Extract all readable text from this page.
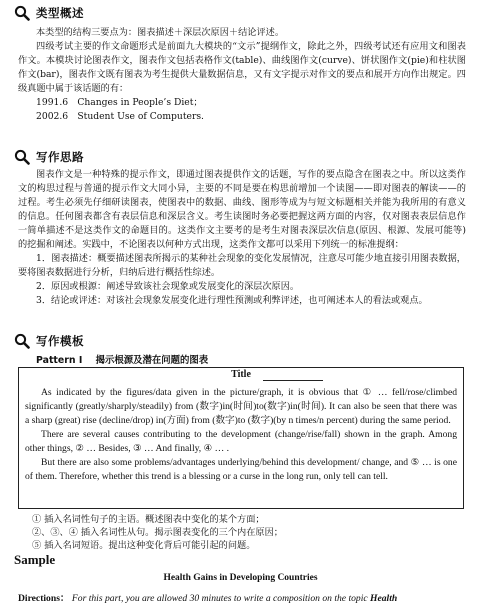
类型概述

本类型的结构三要点为：图表描述＋深层次原因＋结论评述。

四级考试主要的作文命题形式是前面九大模块的“文示”提纲作文，除此之外，四级考试还有应用文和图表作文。本模块讨论图表作文，图表作文包括表格作文(table)、曲线图作文(curve)、饼状图作文(pie)和柱状图作文(bar)，图表作文既有图表为考生提供大量数据信息，又有文字提示对作文的要点和展开方向作出规定。四级真题中属于该话题的有：

1991.6　Changes in People’s Diet；

2002.6　Student Use of Computers.

写作思路

图表作文是一种特殊的提示作文，即通过图表提供作文的话题，写作的要点隐含在图表之中。所以这类作文的构思过程与普通的提示作文大同小异，主要的不同是要在构思前增加一个读图——即对图表的解读——的过程。考生必须先仔细研读图表，使图表中的数据、曲线、图形等成为与短文标题相关并能为我所用的有意义的信息。任何图表都含有表层信息和深层含义。考生读图时务必要把握这两方面的内容，仅对图表表层信息作一简单描述不是这类作文的命题目的。这类作文主要考的是考生对图表深层次信息(原因、根源、发展可能等)的挖掘和阐述。实践中，不论图表以何种方式出现，这类作文都可以采用下列统一的标准提纲：

1．图表描述：概要描述图表所揭示的某种社会现象的变化发展情况，注意尽可能少地直接引用图表数据，要将图表数据进行分析，归纳后进行概括性综述。

2．原因或根源：阐述导致该社会现象或发展变化的深层次原因。

3．结论或评述：对该社会现象发展变化进行理性预测或利弊评述，也可阐述本人的看法或观点。

写作模板
Pattern Ⅰ 揭示根源及潜在问题的图表
Title

As indicated by the figures/data given in the picture/graph, it is obvious that ① … fell/rose/climbed significantly (greatly/sharply/steadily) from (数字)in(时间)to(数字)in(时间). It can also be seen that there was a sharp (great) rise (decline/drop) in(方面) from (数字)to (数字)(by n times/n percent) during the same period.

There are several causes contributing to the development (change/rise/fall) shown in the graph. Among other things, ② … Besides, ③ … And finally, ④ … .

But there are also some problems/advantages underlying/behind this development/ change, and ⑤ … is one of them. Therefore, whether this trend is a blessing or a curse in the long run, only tell can tell.

① 插入名词性句子的主语。概述图表中变化的某个方面；

②、③、④ 插入名词性从句。揭示图表变化的三个内在原因；

⑤ 插入名词短语。提出这种变化背后可能引起的问题。

Sample
Health Gains in Developing Countries
Directions： For this part, you are allowed 30 minutes to write a composition on the topic Health
